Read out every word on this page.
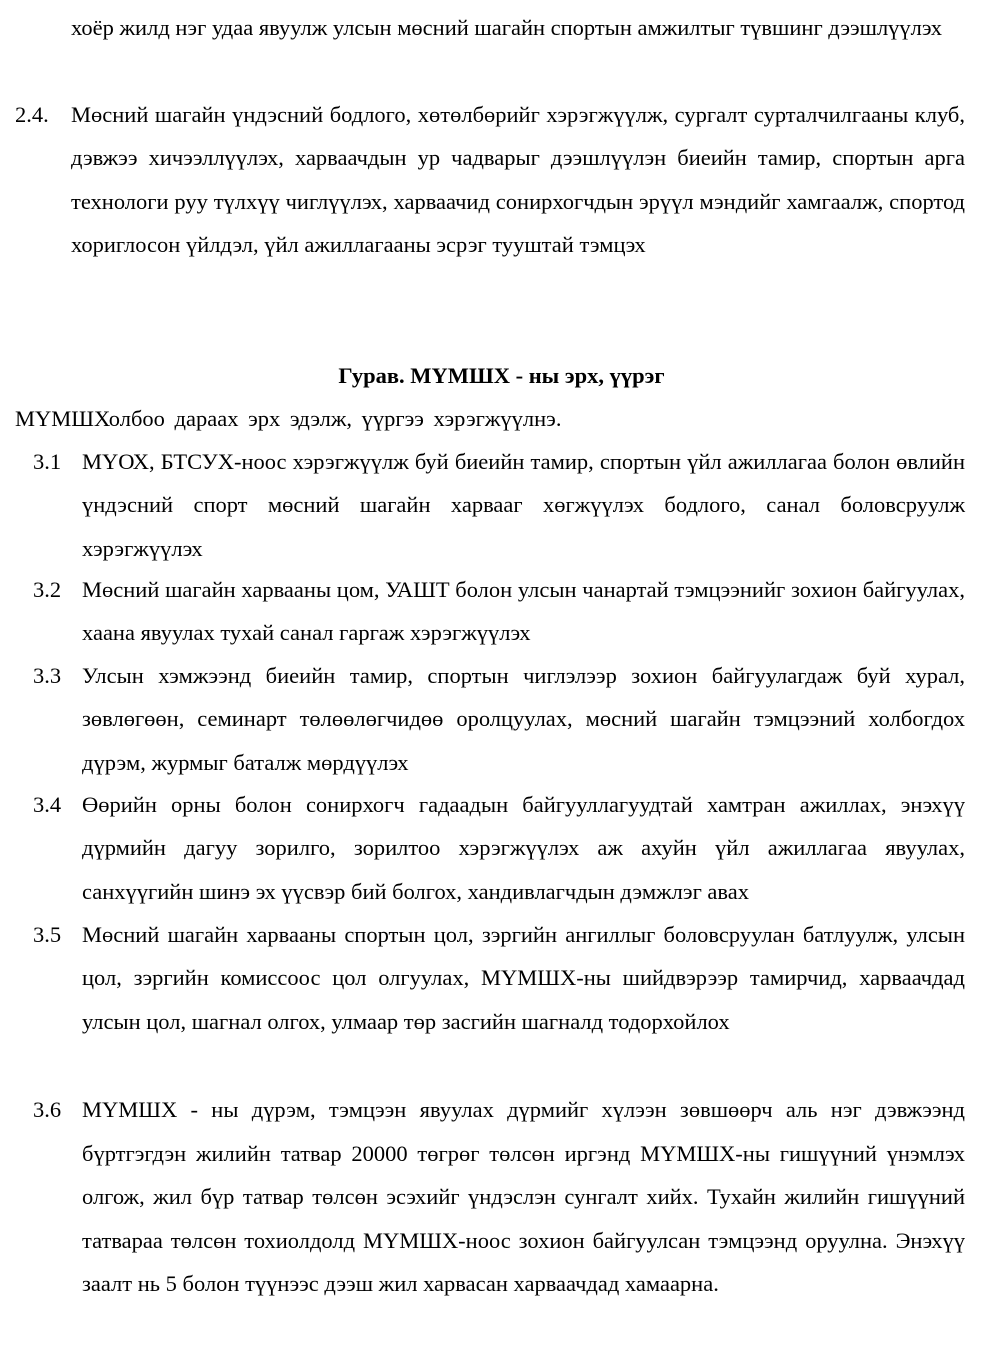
хоёр жилд нэг удаа явуулж улсын мөсний шагайн спортын амжилтыг түвшинг дээшлүүлэх
2.4. Мөсний шагайн үндэсний бодлого, хөтөлбөрийг хэрэгжүүлж, сургалт сурталчилгааны клуб, дэвжээ хичээллүүлэх, харваачдын ур чадварыг дээшлүүлэн биеийн тамир, спортын арга технологи руу түлхүү чиглүүлэх, харваачид сонирхогчдын эрүүл мэндийг хамгаалж, спортод хориглосон үйлдэл, үйл ажиллагааны эсрэг тууштай тэмцэх
Гурав. МҮМШХ - ны эрх, үүрэг
МҮМШХолбоо дараах эрх эдэлж, үүргээ хэрэгжүүлнэ.
3.1 МҮОХ, БТСУХ-ноос хэрэгжүүлж буй биеийн тамир, спортын үйл ажиллагаа болон өвлийн үндэсний спорт мөсний шагайн харвааг хөгжүүлэх бодлого, санал боловсруулж хэрэгжүүлэх
3.2 Мөсний шагайн харвааны цом, УАШТ болон улсын чанартай тэмцээнийг зохион байгуулах, хаана явуулах тухай санал гаргаж хэрэгжүүлэх
3.3 Улсын хэмжээнд биеийн тамир, спортын чиглэлээр зохион байгуулагдаж буй хурал, зөвлөгөөн, семинарт төлөөлөгчидөө оролцуулах, мөсний шагайн тэмцээний холбогдох дүрэм, журмыг баталж мөрдүүлэх
3.4 Өөрийн орны болон сонирхогч гадаадын байгууллагуудтай хамтран ажиллах, энэхүү дүрмийн дагуу зорилго, зорилтоо хэрэгжүүлэх аж ахуйн үйл ажиллагаа явуулах, санхүүгийн шинэ эх үүсвэр бий болгох, хандивлагчдын дэмжлэг авах
3.5 Мөсний шагайн харвааны спортын цол, зэргийн ангиллыг боловсруулан батлуулж, улсын цол, зэргийн комиссоос цол олгуулах, МҮМШХ-ны шийдвэрээр тамирчид, харваачдад улсын цол, шагнал олгох, улмаар төр засгийн шагналд тодорхойлох
3.6 МҮМШХ - ны дүрэм, тэмцээн явуулах дүрмийг хүлээн зөвшөөрч аль нэг дэвжээнд бүртгэгдэн жилийн татвар 20000 төгрөг төлсөн иргэнд МҮМШХ-ны гишүүний үнэмлэх олгож, жил бүр татвар төлсөн эсэхийг үндэслэн сунгалт хийх. Тухайн жилийн гишүүний татвараа төлсөн тохиолдолд МҮМШХ-ноос зохион байгуулсан тэмцээнд оруулна. Энэхүү заалт нь 5 болон түүнээс дээш жил харвасан харваачдад хамаарна.
